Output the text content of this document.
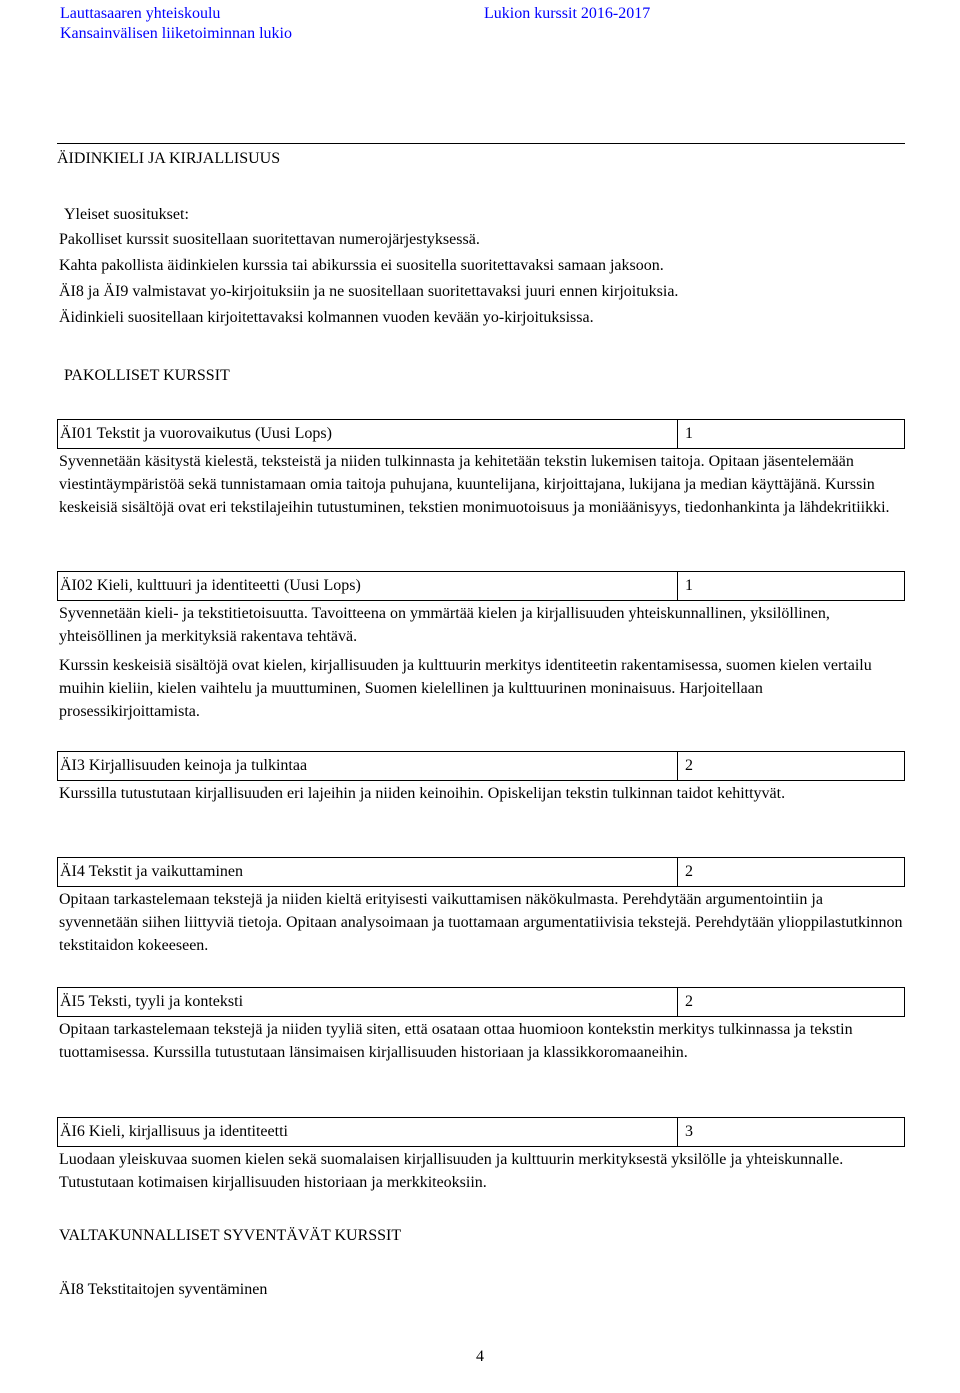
Lauttasaaren yhteiskoulu
Kansainvälisen liiketoiminnan lukio
Lukion kurssit 2016-2017
ÄIDINKIELI JA KIRJALLISUUS
Yleiset suositukset:
Pakolliset kurssit suositellaan suoritettavan numerojärjestyksessä.
Kahta pakollista äidinkielen kurssia tai abikurssia ei suositella suoritettavaksi samaan jaksoon.
ÄI8 ja ÄI9 valmistavat yo-kirjoituksiin ja ne suositellaan suoritettavaksi juuri ennen kirjoituksia.
Äidinkieli suositellaan kirjoitettavaksi kolmannen vuoden kevään yo-kirjoituksissa.
PAKOLLISET KURSSIT
ÄI01 Tekstit ja vuorovaikutus (Uusi Lops)	1

Syvennetään käsitystä kielestä, teksteistä ja niiden tulkinnasta ja kehitetään tekstin lukemisen taitoja. Opitaan jäsentelemään viestintäympäristöä sekä tunnistamaan omia taitoja puhujana, kuuntelijana, kirjoittajana, lukijana ja median käyttäjänä. Kurssin keskeisiä sisältöjä ovat eri tekstilajeihin tutustuminen, tekstien monimuotoisuus ja moniäänisyys, tiedonhankinta ja lähdekritiikki.

ÄI02 Kieli, kulttuuri ja identiteetti (Uusi Lops)	1

Syvennetään kieli- ja tekstitietoisuutta. Tavoitteena on ymmärtää kielen ja kirjallisuuden yhteiskunnallinen, yksilöllinen, yhteisöllinen ja merkityksiä rakentava tehtävä.

Kurssin keskeisiä sisältöjä ovat kielen, kirjallisuuden ja kulttuurin merkitys identiteetin rakentamisessa, suomen kielen vertailu muihin kieliin, kielen vaihtelu ja muuttuminen, Suomen kielellinen ja kulttuurinen moninaisuus. Harjoitellaan prosessikirjoittamista.

ÄI3 Kirjallisuuden keinoja ja tulkintaa	2

Kurssilla tutustutaan kirjallisuuden eri lajeihin ja niiden keinoihin. Opiskelijan tekstin tulkinnan taidot kehittyvät.

ÄI4 Tekstit ja vaikuttaminen	2

Opitaan tarkastelemaan tekstejä ja niiden kieltä erityisesti vaikuttamisen näkökulmasta. Perehdytään argumentointiin ja syvennetään siihen liittyviä tietoja. Opitaan analysoimaan ja tuottamaan argumentatiivisia tekstejä. Perehdytään ylioppilastutkinnon tekstitaidon kokeeseen.

ÄI5 Teksti, tyyli ja konteksti	2

Opitaan tarkastelemaan tekstejä ja niiden tyyliä siten, että osataan ottaa huomioon kontekstin merkitys tulkinnassa ja tekstin tuottamisessa. Kurssilla tutustutaan länsimaisen kirjallisuuden historiaan ja klassikkoromaaneihin.

ÄI6 Kieli, kirjallisuus ja identiteetti	3

Luodaan yleiskuvaa suomen kielen sekä suomalaisen kirjallisuuden ja kulttuurin merkityksestä yksilölle ja yhteiskunnalle. Tutustutaan kotimaisen kirjallisuuden historiaan ja merkkiteoksiin.

VALTAKUNNALLISET SYVENTÄVÄT KURSSIT
ÄI8 Tekstitaitojen syventäminen
4
